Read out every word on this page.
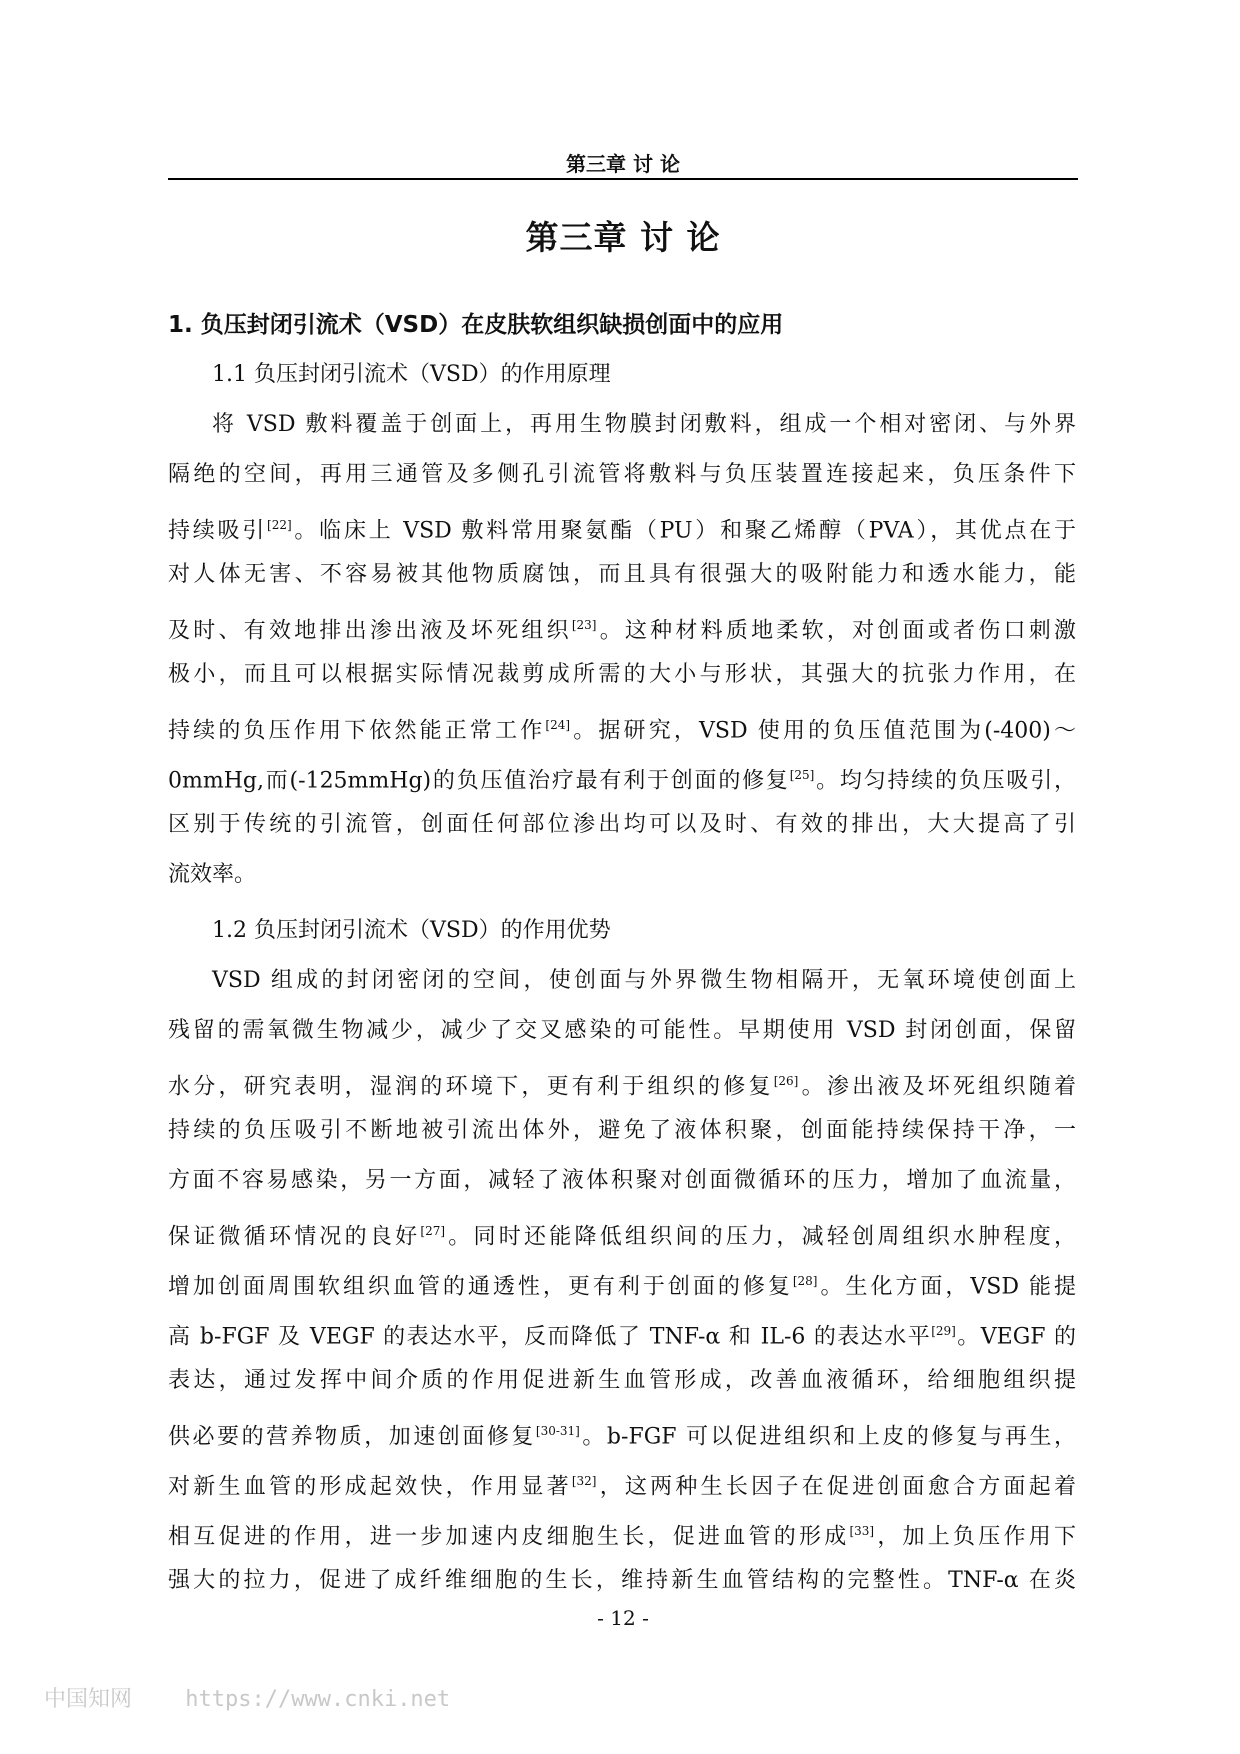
第三章 讨 论
第三章 讨 论
1. 负压封闭引流术（VSD）在皮肤软组织缺损创面中的应用
1.1 负压封闭引流术（VSD）的作用原理

将 VSD 敷料覆盖于创面上，再用生物膜封闭敷料，组成一个相对密闭、与外界

隔绝的空间，再用三通管及多侧孔引流管将敷料与负压装置连接起来，负压条件下

持续吸引[22]。临床上 VSD 敷料常用聚氨酯（PU）和聚乙烯醇（PVA），其优点在于

对人体无害、不容易被其他物质腐蚀，而且具有很强大的吸附能力和透水能力，能

及时、有效地排出渗出液及坏死组织[23]。这种材料质地柔软，对创面或者伤口刺激

极小，而且可以根据实际情况裁剪成所需的大小与形状，其强大的抗张力作用，在

持续的负压作用下依然能正常工作[24]。据研究，VSD 使用的负压值范围为(-400)～

0mmHg,而(-125mmHg)的负压值治疗最有利于创面的修复[25]。均匀持续的负压吸引，

区别于传统的引流管，创面任何部位渗出均可以及时、有效的排出，大大提高了引

流效率。

1.2 负压封闭引流术（VSD）的作用优势

VSD 组成的封闭密闭的空间，使创面与外界微生物相隔开，无氧环境使创面上

残留的需氧微生物减少，减少了交叉感染的可能性。早期使用 VSD 封闭创面，保留

水分，研究表明，湿润的环境下，更有利于组织的修复[26]。渗出液及坏死组织随着

持续的负压吸引不断地被引流出体外，避免了液体积聚，创面能持续保持干净，一

方面不容易感染，另一方面，减轻了液体积聚对创面微循环的压力，增加了血流量，

保证微循环情况的良好[27]。同时还能降低组织间的压力，减轻创周组织水肿程度，

增加创面周围软组织血管的通透性，更有利于创面的修复[28]。生化方面，VSD 能提

高 b-FGF 及 VEGF 的表达水平，反而降低了 TNF-α 和 IL-6 的表达水平[29]。VEGF 的

表达，通过发挥中间介质的作用促进新生血管形成，改善血液循环，给细胞组织提

供必要的营养物质，加速创面修复[30-31]。b-FGF 可以促进组织和上皮的修复与再生，

对新生血管的形成起效快，作用显著[32]，这两种生长因子在促进创面愈合方面起着

相互促进的作用，进一步加速内皮细胞生长，促进血管的形成[33]，加上负压作用下

强大的拉力，促进了成纤维细胞的生长，维持新生血管结构的完整性。TNF-α 在炎

- 12 -
中国知网 https://www.cnki.net
